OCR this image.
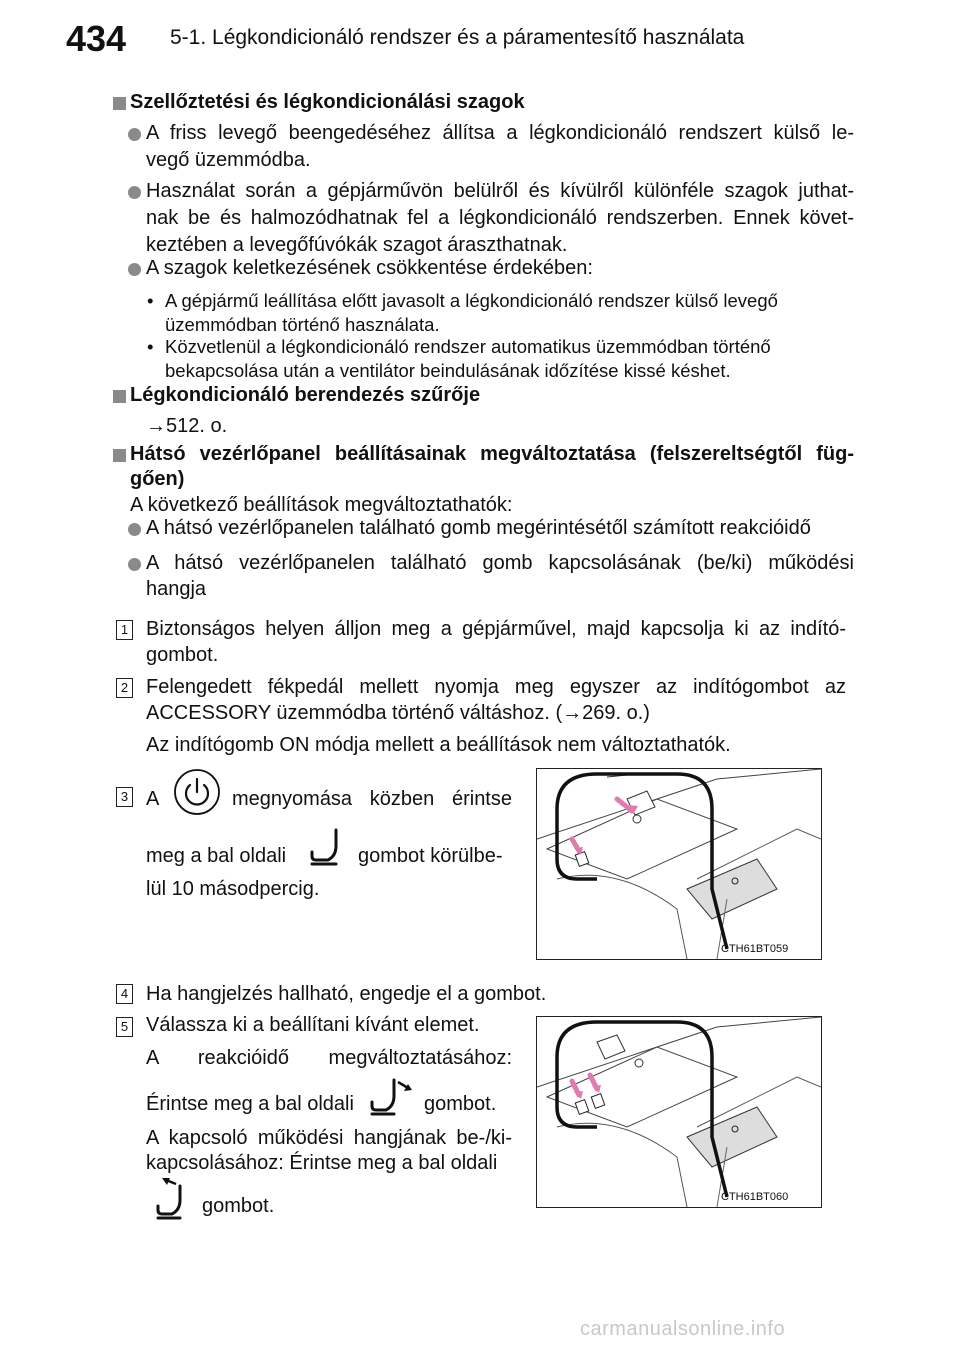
434 5-1. Légkondicionáló rendszer és a páramentesítő használata
Szellőztetési és légkondicionálási szagok
A friss levegő beengedéséhez állítsa a légkondicionáló rendszert külső le-
vegő üzemmódba.
Használat során a gépjárművön belülről és kívülről különféle szagok juthat-
nak be és halmozódhatnak fel a légkondicionáló rendszerben. Ennek követ-
keztében a levegőfúvókák szagot áraszthatnak.
A szagok keletkezésének csökkentése érdekében:
• A gépjármű leállítása előtt javasolt a légkondicionáló rendszer külső levegő
üzemmódban történő használata.
• Közvetlenül a légkondicionáló rendszer automatikus üzemmódban történő
bekapcsolása után a ventilátor beindulásának időzítése kissé késhet.
Légkondicionáló berendezés szűrője
→512. o.
Hátsó vezérlőpanel beállításainak megváltoztatása (felszereltségtől füg-
gően)
A következő beállítások megváltoztathatók:
A hátsó vezérlőpanelen található gomb megérintésétől számított reakcióidő
A hátsó vezérlőpanelen található gomb kapcsolásának (be/ki) működési
hangja
1 Biztonságos helyen álljon meg a gépjárművel, majd kapcsolja ki az indító-
gombot.
2 Felengedett fékpedál mellett nyomja meg egyszer az indítógombot az
ACCESSORY üzemmódba történő váltáshoz. (→269. o.)
Az indítógomb ON módja mellett a beállítások nem változtathatók.
3 A	megnyomása közben érintse
meg a bal oldali	gombot körülbe-
lül 10 másodpercig.
CTH61BT059
4 Ha hangjelzés hallható, engedje el a gombot.
5 Válassza ki a beállítani kívánt elemet.
A reakcióidő megváltoztatásához:
Érintse meg a bal oldali	gombot.
A kapcsoló működési hangjának be-/ki-
kapcsolásához: Érintse meg a bal oldali
gombot.	CTH61BT060
carmanualsonline.info
